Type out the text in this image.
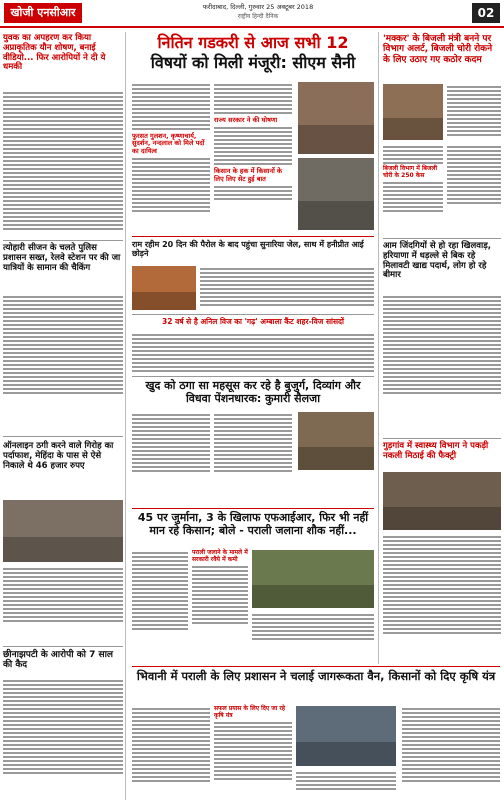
खोजी एनसीआर	फरीदाबाद, दिल्ली, गुरुवार 25 अक्टूबर 2018
राष्ट्रीय हिन्दी दैनिक	02
युवक का अपहरण कर किया अप्राकृतिक यौन शोषण, बनाई वीडियो... फिर आरोपियों ने दी ये धमकी
त्योहारी सीजन के चलते पुलिस प्रशासन सख्त, रेलवे स्टेशन पर की जा यात्रियों के सामान की चैकिंग
ऑनलाइन ठगी करने वाले गिरोह का पर्दाफाश, मेहिंदा के पास से ऐसे निकाले थे 46 हजार रुपए
छीनाझपटी के आरोपी को 7 साल की कैद
नितिन गडकरी से आज सभी 12
विषयों को मिली मंजूरी: सीएम सैनी
फुरसत गुलशन, कृष्णाचार्य, सुदर्शन, नन्दलाल को मिले पदों का दायित्व
राज्य सरकार ने की घोषणा
किसान के हक में किसानों के लिए लिए सेट हुई बात
राम रहीम 20 दिन की पैरोल के बाद पहुंचा सुनारिया जेल, साथ में हनीप्रीत आई छोड़ने
32 वर्ष से है अनिल विज का 'गढ़' अम्बाला कैंट शहर-विज सांसदों
खुद को ठगा सा महसूस कर रहे है बुजुर्ग, दिव्यांग और विधवा पेंशनधारक: कुमारी सैलजा
45 पर जुर्माना, 3 के खिलाफ एफआईआर, फिर भी नहीं मान रहे किसान; बोले - पराली जलाना शौक नहीं...
पराली जलाने के मामले में सरकारी रवैये में कमी
भिवानी में पराली के लिए प्रशासन ने चलाई जागरूकता वैन, किसानों को दिए कृषि यंत्र
सफल प्रयास के लिए दिए जा रहे कृषि यंत्र
'मक्कर' के बिजली मंत्री बनने पर विभाग अलर्ट, बिजली चोरी रोकने के लिए उठाए गए कठोर कदम
बिजली विभाग में बिजली चोरी के 250 केस
आम जिंदगियों से हो रहा खिलवाड़, हरियाणा में धड़ल्ले से बिक रहे मिलावटी खाद्य पदार्थ, लोग हो रहे बीमार
गुड़गांव में स्वास्थ्य विभाग ने पकड़ी नकली मिठाई की फैक्ट्री
